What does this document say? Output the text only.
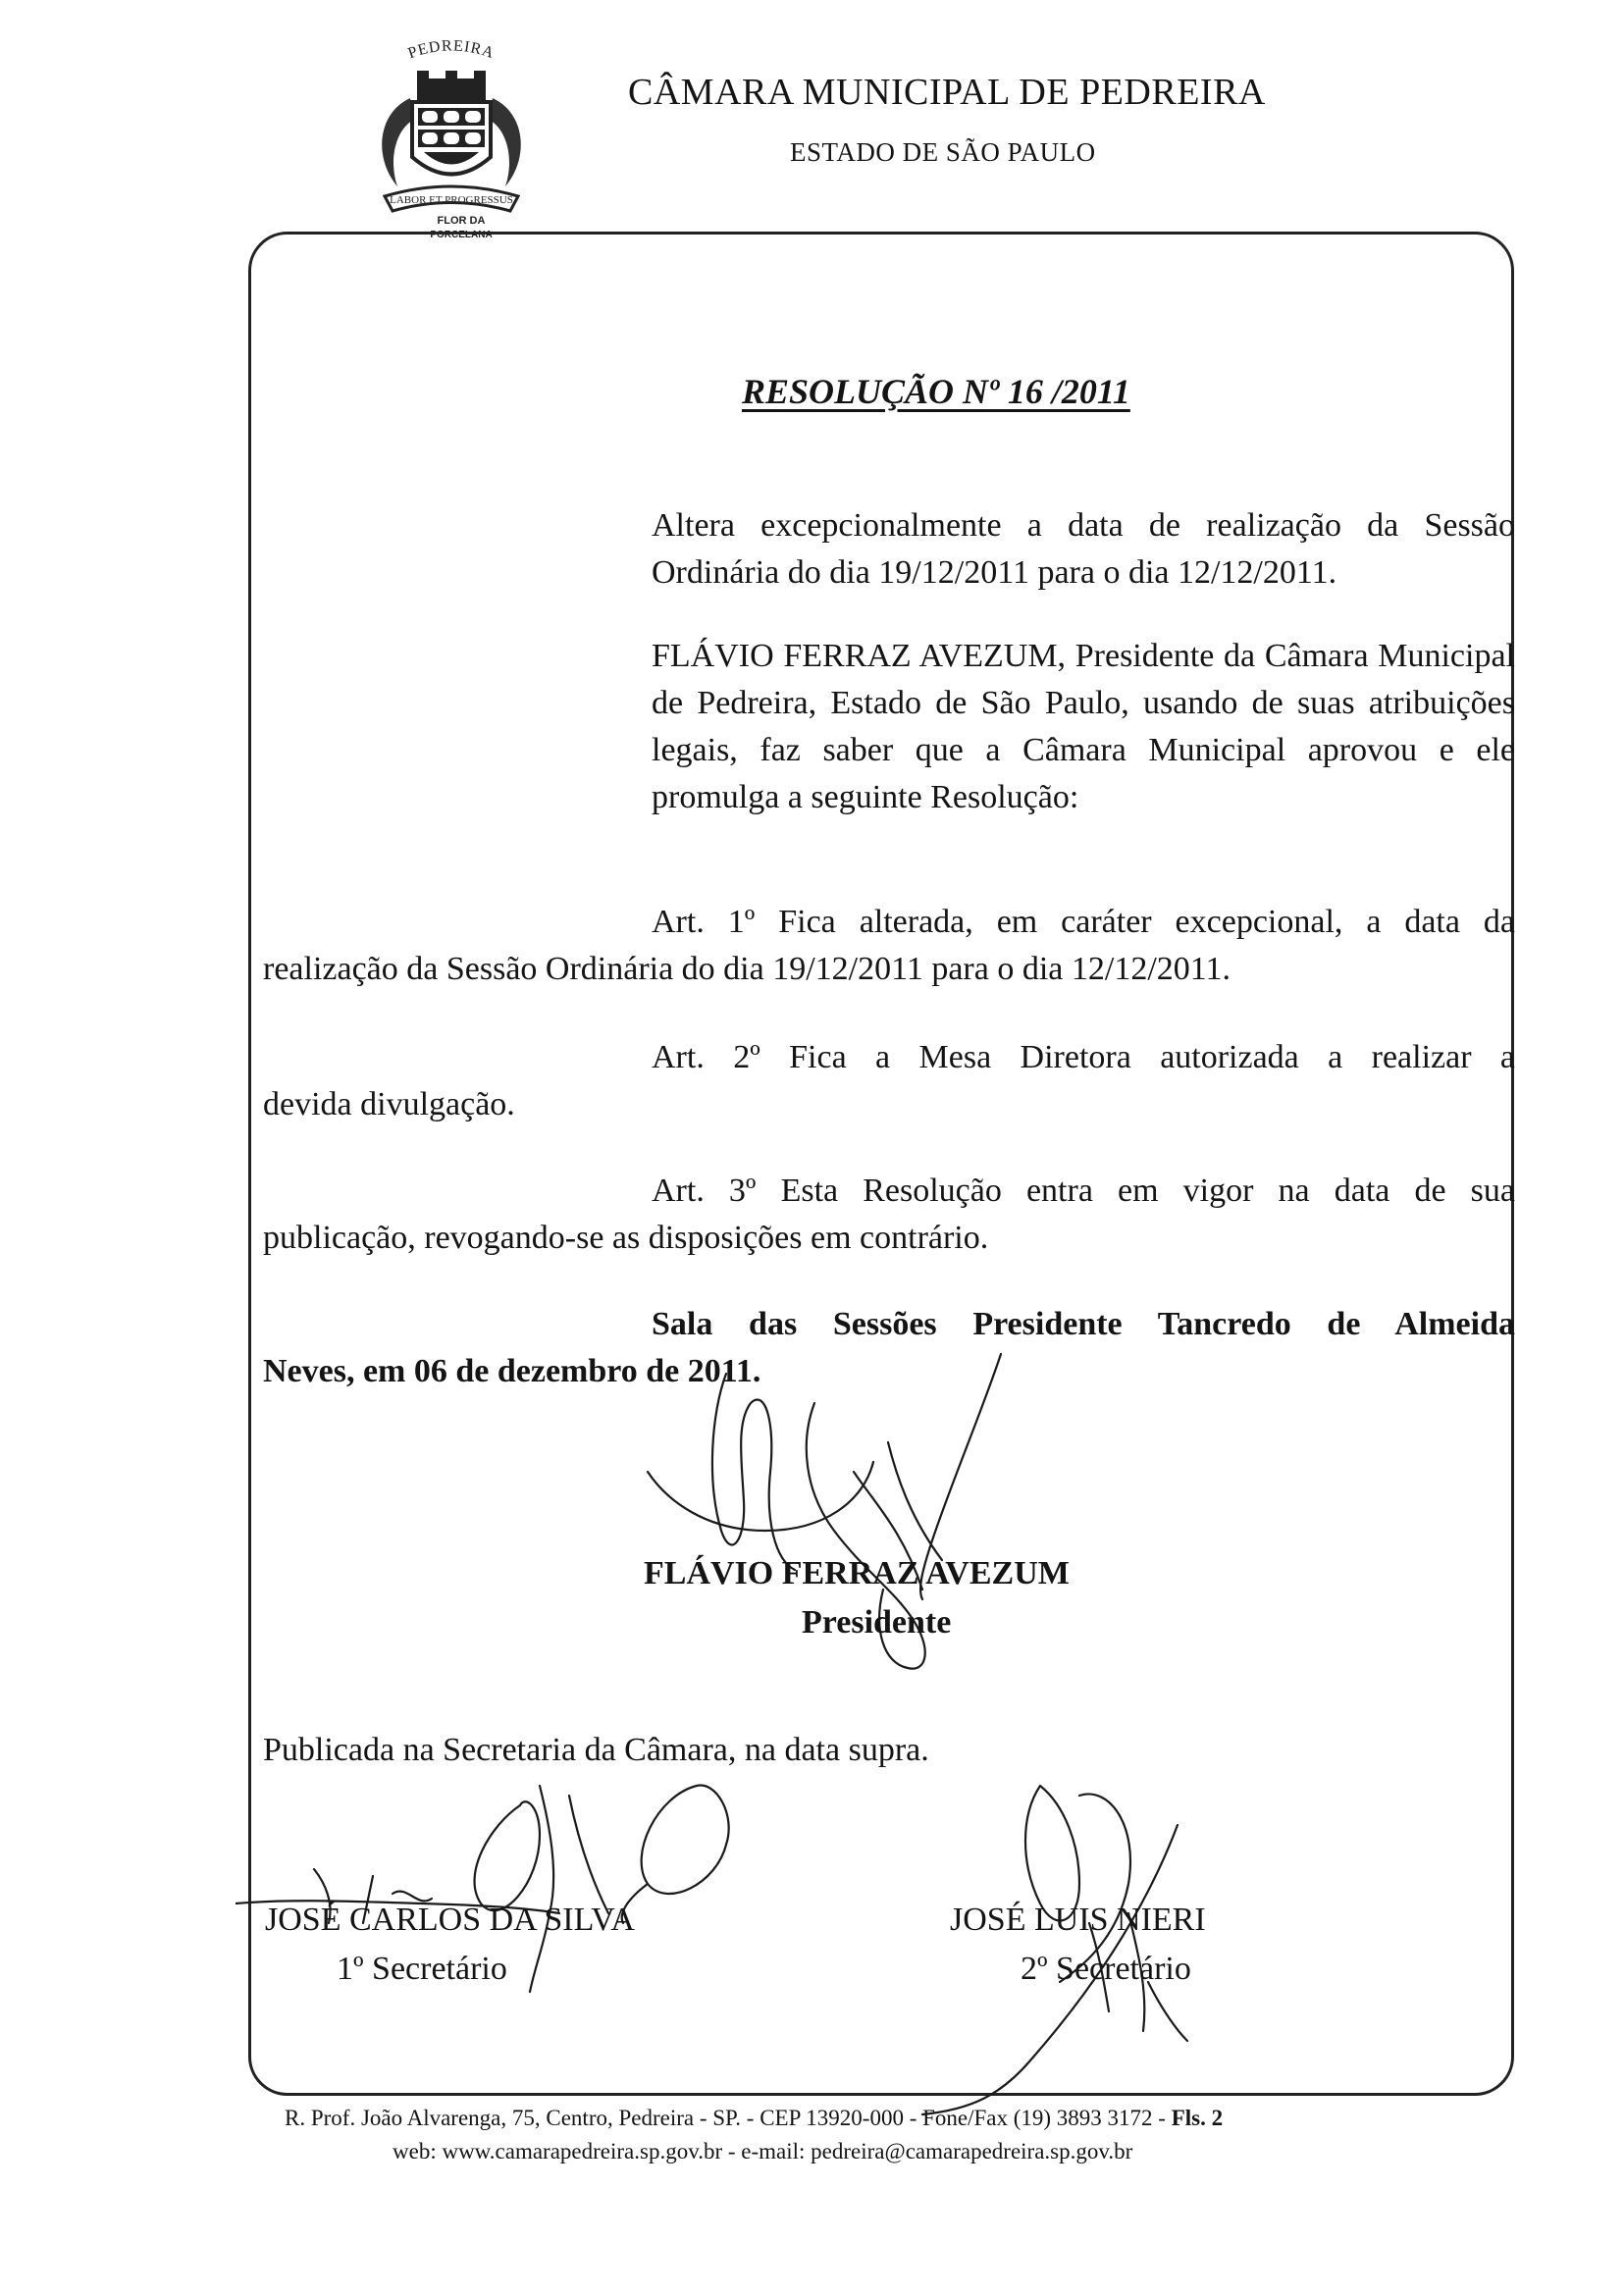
PEDREIRA
LABOR ET PROGRESSUS
FLOR DA
PORCELANA
CÂMARA MUNICIPAL DE PEDREIRA
ESTADO DE SÃO PAULO
RESOLUÇÃO Nº 16 /2011
Altera excepcionalmente a data de realização da Sessão Ordinária do dia 19/12/2011 para o dia 12/12/2011.
FLÁVIO FERRAZ AVEZUM, Presidente da Câmara Municipal de Pedreira, Estado de São Paulo, usando de suas atribuições legais, faz saber que a Câmara Municipal aprovou e ele promulga a seguinte Resolução:
Art. 1º Fica alterada, em caráter excepcional, a data da
realização da Sessão Ordinária do dia 19/12/2011 para o dia 12/12/2011.
Art. 2º Fica a Mesa Diretora autorizada a realizar a
devida divulgação.
Art. 3º Esta Resolução entra em vigor na data de sua
publicação, revogando-se as disposições em contrário.
Sala das Sessões Presidente Tancredo de Almeida
Neves, em 06 de dezembro de 2011.
FLÁVIO FERRAZ AVEZUM
Presidente
Publicada na Secretaria da Câmara, na data supra.
JOSÉ CARLOS DA SILVA
1º Secretário
JOSÉ LUIS NIERI
2º Secretário
R. Prof. João Alvarenga, 75, Centro, Pedreira - SP. - CEP 13920-000 - Fone/Fax (19) 3893 3172 - Fls. 2
web: www.camarapedreira.sp.gov.br - e-mail: pedreira@camarapedreira.sp.gov.br
